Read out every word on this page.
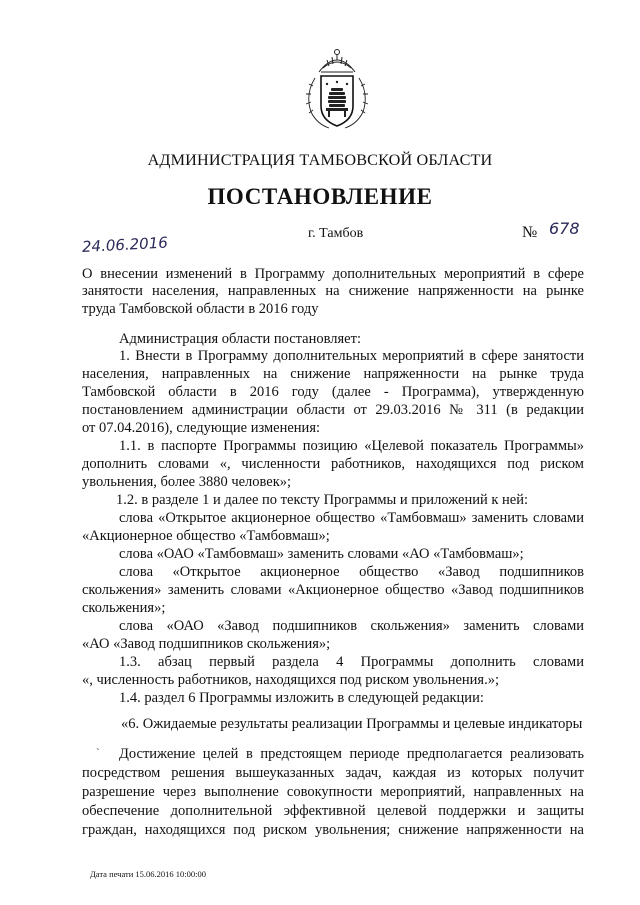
АДМИНИСТРАЦИЯ ТАМБОВСКОЙ ОБЛАСТИ
ПОСТАНОВЛЕНИЕ
24.06.2016
г. Тамбов	№ 678
О внесении изменений в Программу дополнительных мероприятий в сфере
занятости населения, направленных на снижение напряженности на рынке
труда Тамбовской области в 2016 году
Администрация области постановляет:
1. Внести в Программу дополнительных мероприятий в сфере занятости
населения, направленных на снижение напряженности на рынке труда
Тамбовской области в 2016 году (далее - Программа), утвержденную
постановлением администрации области от 29.03.2016 № 311 (в редакции
от 07.04.2016), следующие изменения:
1.1. в паспорте Программы позицию «Целевой показатель Программы»
дополнить словами «, численности работников, находящихся под риском
увольнения, более 3880 человек»;
1.2. в разделе 1 и далее по тексту Программы и приложений к ней:
слова «Открытое акционерное общество «Тамбовмаш» заменить словами
«Акционерное общество «Тамбовмаш»;
слова «ОАО «Тамбовмаш» заменить словами «АО «Тамбовмаш»;
слова «Открытое акционерное общество «Завод подшипников
скольжения» заменить словами «Акционерное общество «Завод подшипников
скольжения»;
слова «ОАО «Завод подшипников скольжения» заменить словами
«АО «Завод подшипников скольжения»;
1.3. абзац первый раздела 4 Программы дополнить словами
«, численность работников, находящихся под риском увольнения.»;
1.4. раздел 6 Программы изложить в следующей редакции:
«6. Ожидаемые результаты реализации Программы и целевые индикаторы
ˋ Достижение целей в предстоящем периоде предполагается реализовать
посредством решения вышеуказанных задач, каждая из которых получит
разрешение через выполнение совокупности мероприятий, направленных на
обеспечение дополнительной эффективной целевой поддержки и защиты
граждан, находящихся под риском увольнения; снижение напряженности на
Дата печати 15.06.2016 10:00:00
